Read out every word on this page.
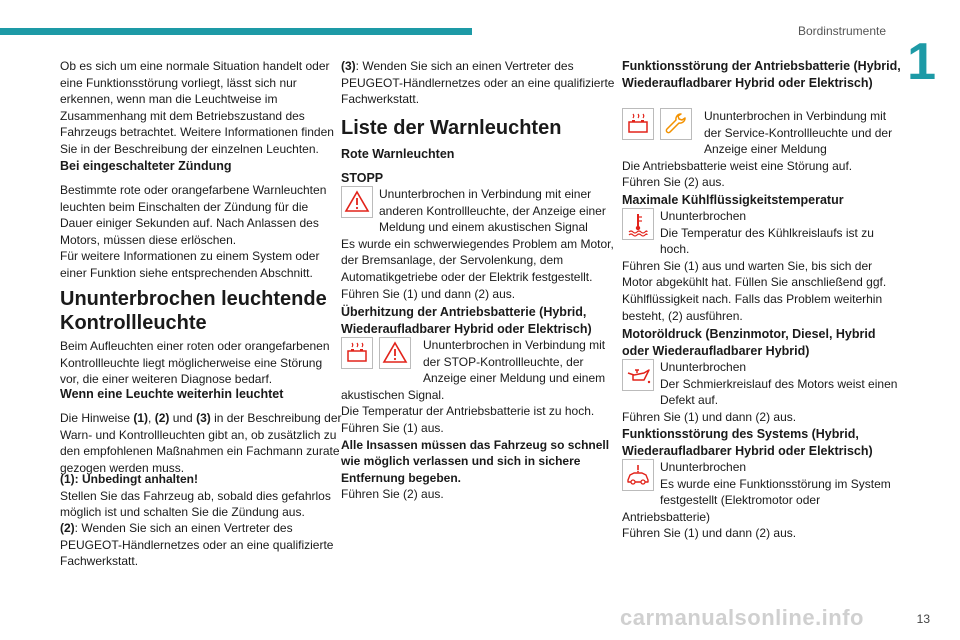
Bordinstrumente
1

Ob es sich um eine normale Situation handelt oder eine Funktionsstörung vorliegt, lässt sich nur erkennen, wenn man die Leuchtweise im Zusammenhang mit dem Betriebszustand des Fahrzeugs betrachtet. Weitere Informationen finden Sie in der Beschreibung der einzelnen Leuchten.

Bei eingeschalteter Zündung

Bestimmte rote oder orangefarbene Warnleuchten leuchten beim Einschalten der Zündung für die Dauer einiger Sekunden auf. Nach Anlassen des Motors, müssen diese erlöschen.

Für weitere Informationen zu einem System oder einer Funktion siehe entsprechenden Abschnitt.

Ununterbrochen leuchtende Kontrollleuchte

Beim Aufleuchten einer roten oder orangefarbenen Kontrollleuchte liegt möglicherweise eine Störung vor, die einer weiteren Diagnose bedarf.

Wenn eine Leuchte weiterhin leuchtet

Die Hinweise (1), (2) und (3) in der Beschreibung der Warn- und Kontrollleuchten gibt an, ob zusätzlich zu den empfohlenen Maßnahmen ein Fachmann zurate gezogen werden muss.

(1): Unbedingt anhalten!
Stellen Sie das Fahrzeug ab, sobald dies gefahrlos möglich ist und schalten Sie die Zündung aus.

(2): Wenden Sie sich an einen Vertreter des PEUGEOT-Händlernetzes oder an eine qualifizierte Fachwerkstatt.

(3): Wenden Sie sich an einen Vertreter des PEUGEOT-Händlernetzes oder an eine qualifizierte Fachwerkstatt.

Liste der Warnleuchten

Rote Warnleuchten

STOPP

Ununterbrochen in Verbindung mit einer anderen Kontrollleuchte, der Anzeige einer Meldung und einem akustischen Signal

Es wurde ein schwerwiegendes Problem am Motor, der Bremsanlage, der Servolenkung, dem Automatikgetriebe oder der Elektrik festgestellt.

Führen Sie (1) und dann (2) aus.

Überhitzung der Antriebsbatterie (Hybrid, Wiederaufladbarer Hybrid oder Elektrisch)

Ununterbrochen in Verbindung mit der STOP-Kontrollleuchte, der Anzeige einer Meldung und einem akustischen Signal.

Die Temperatur der Antriebsbatterie ist zu hoch.

Führen Sie (1) aus.

Alle Insassen müssen das Fahrzeug so schnell wie möglich verlassen und sich in sichere Entfernung begeben.

Führen Sie (2) aus.

Funktionsstörung der Antriebsbatterie (Hybrid, Wiederaufladbarer Hybrid oder Elektrisch)

Ununterbrochen in Verbindung mit der Service-Kontrollleuchte und der Anzeige einer Meldung

Die Antriebsbatterie weist eine Störung auf.

Führen Sie (2) aus.

Maximale Kühlflüssigkeitstemperatur

Ununterbrochen

Die Temperatur des Kühlkreislaufs ist zu hoch.

Führen Sie (1) aus und warten Sie, bis sich der Motor abgekühlt hat. Füllen Sie anschließend ggf. Kühlflüssigkeit nach. Falls das Problem weiterhin besteht, (2) ausführen.

Motoröldruck (Benzinmotor, Diesel, Hybrid oder Wiederaufladbarer Hybrid)

Ununterbrochen

Der Schmierkreislauf des Motors weist einen Defekt auf.

Führen Sie (1) und dann (2) aus.

Funktionsstörung des Systems (Hybrid, Wiederaufladbarer Hybrid oder Elektrisch)

Ununterbrochen

Es wurde eine Funktionsstörung im System festgestellt (Elektromotor oder Antriebsbatterie)

Führen Sie (1) und dann (2) aus.

carmanualsonline.info	13
